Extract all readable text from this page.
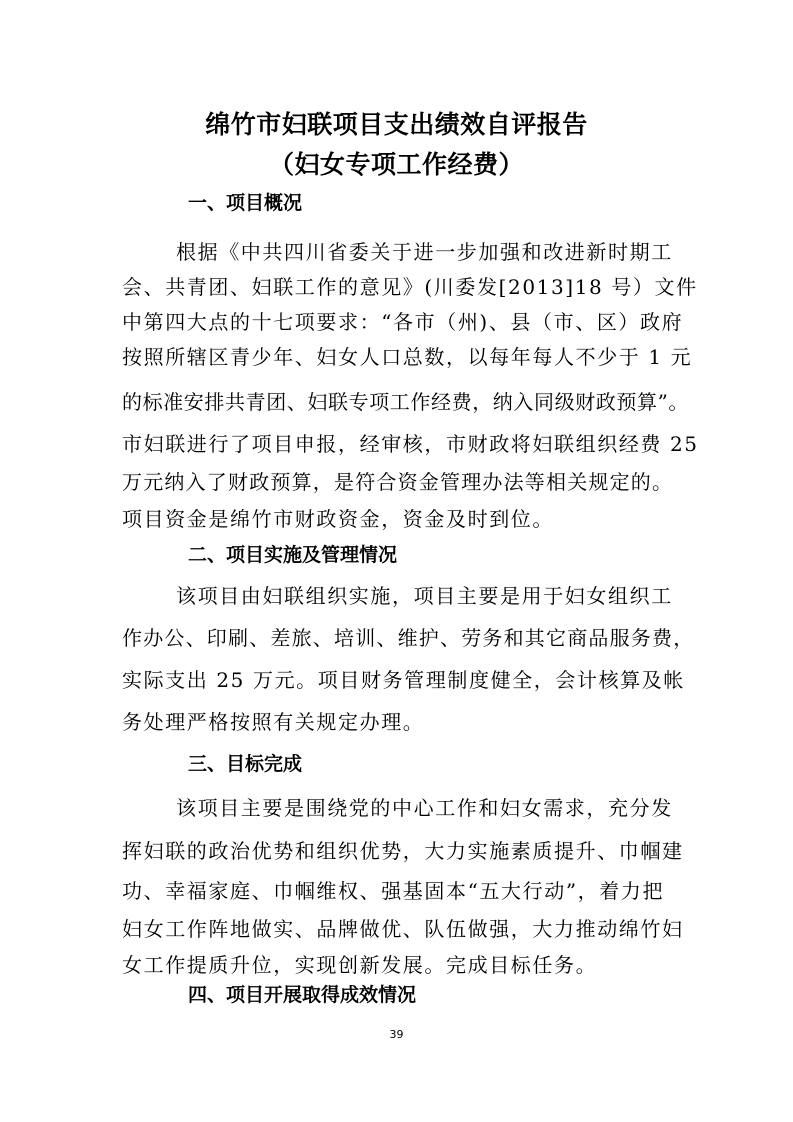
绵竹市妇联项目支出绩效自评报告
（妇女专项工作经费）
一、项目概况
根据《中共四川省委关于进一步加强和改进新时期工
会、共青团、妇联工作的意见》(川委发[2013]18 号）文件
中第四大点的十七项要求：“各市（州)、县（市、区）政府
按照所辖区青少年、妇女人口总数，以每年每人不少于 1 元
的标准安排共青团、妇联专项工作经费，纳入同级财政预算”。
市妇联进行了项目申报，经审核，市财政将妇联组织经费 25
万元纳入了财政预算，是符合资金管理办法等相关规定的。
项目资金是绵竹市财政资金，资金及时到位。
二、项目实施及管理情况
该项目由妇联组织实施，项目主要是用于妇女组织工
作办公、印刷、差旅、培训、维护、劳务和其它商品服务费，
实际支出 25 万元。项目财务管理制度健全，会计核算及帐
务处理严格按照有关规定办理。
三、目标完成
该项目主要是围绕党的中心工作和妇女需求，充分发
挥妇联的政治优势和组织优势，大力实施素质提升、巾帼建
功、幸福家庭、巾帼维权、强基固本“五大行动”，着力把
妇女工作阵地做实、品牌做优、队伍做强，大力推动绵竹妇
女工作提质升位，实现创新发展。完成目标任务。
四、项目开展取得成效情况
39
